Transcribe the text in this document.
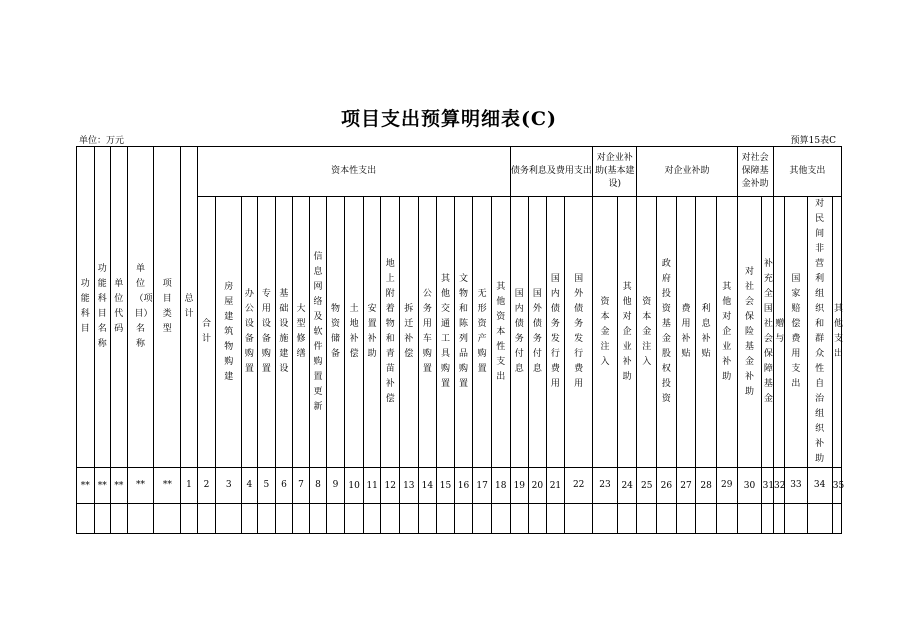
项目支出预算明细表(C)
单位：万元	预算15表C
功能科目	功能科目名称	单位代码	单位（项目）名称	项目类型	总计	资本性支出																	债务利息及费用支出				对企业补助(基本建设)		对企业补助					对社会保障基金补助		其他支出			
						合计	房屋建筑物购建	办公设备购置	专用设备购置	基础设施建设	大型修缮	信息网络及软件购置更新	物资储备	土地补偿	安置补助	地上附着物和青苗补偿	拆迁补偿	公务用车购置	其他交通工具购置	文物和陈列品购置	无形资产购置	其他资本性支出	国内债务付息	国外债务付息	国内债务发行费用	国外债务发行费用	资本金注入	其他对企业补助	资本金注入	政府投资基金股权投资	费用补贴	利息补贴	其他对企业补助	对社会保险基金补助	补充全国社会保障基金	赠与	国家赔偿费用支出	对民间非营利组织和群众性自治组织补助	其他支出
**	**	**	**	**	1	2	3	4	5	6	7	8	9	10	11	12	13	14	15	16	17	18	19	20	21	22	23	24	25	26	27	28	29	30	31	32	33	34	35
